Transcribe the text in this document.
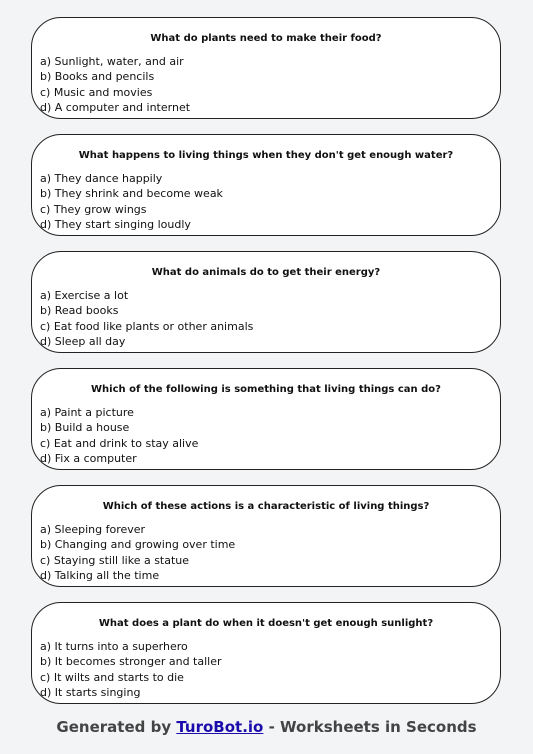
What do plants need to make their food?
a) Sunlight, water, and air
b) Books and pencils
c) Music and movies
d) A computer and internet
What happens to living things when they don't get enough water?
a) They dance happily
b) They shrink and become weak
c) They grow wings
d) They start singing loudly
What do animals do to get their energy?
a) Exercise a lot
b) Read books
c) Eat food like plants or other animals
d) Sleep all day
Which of the following is something that living things can do?
a) Paint a picture
b) Build a house
c) Eat and drink to stay alive
d) Fix a computer
Which of these actions is a characteristic of living things?
a) Sleeping forever
b) Changing and growing over time
c) Staying still like a statue
d) Talking all the time
What does a plant do when it doesn't get enough sunlight?
a) It turns into a superhero
b) It becomes stronger and taller
c) It wilts and starts to die
d) It starts singing
Generated by TuroBot.io - Worksheets in Seconds
